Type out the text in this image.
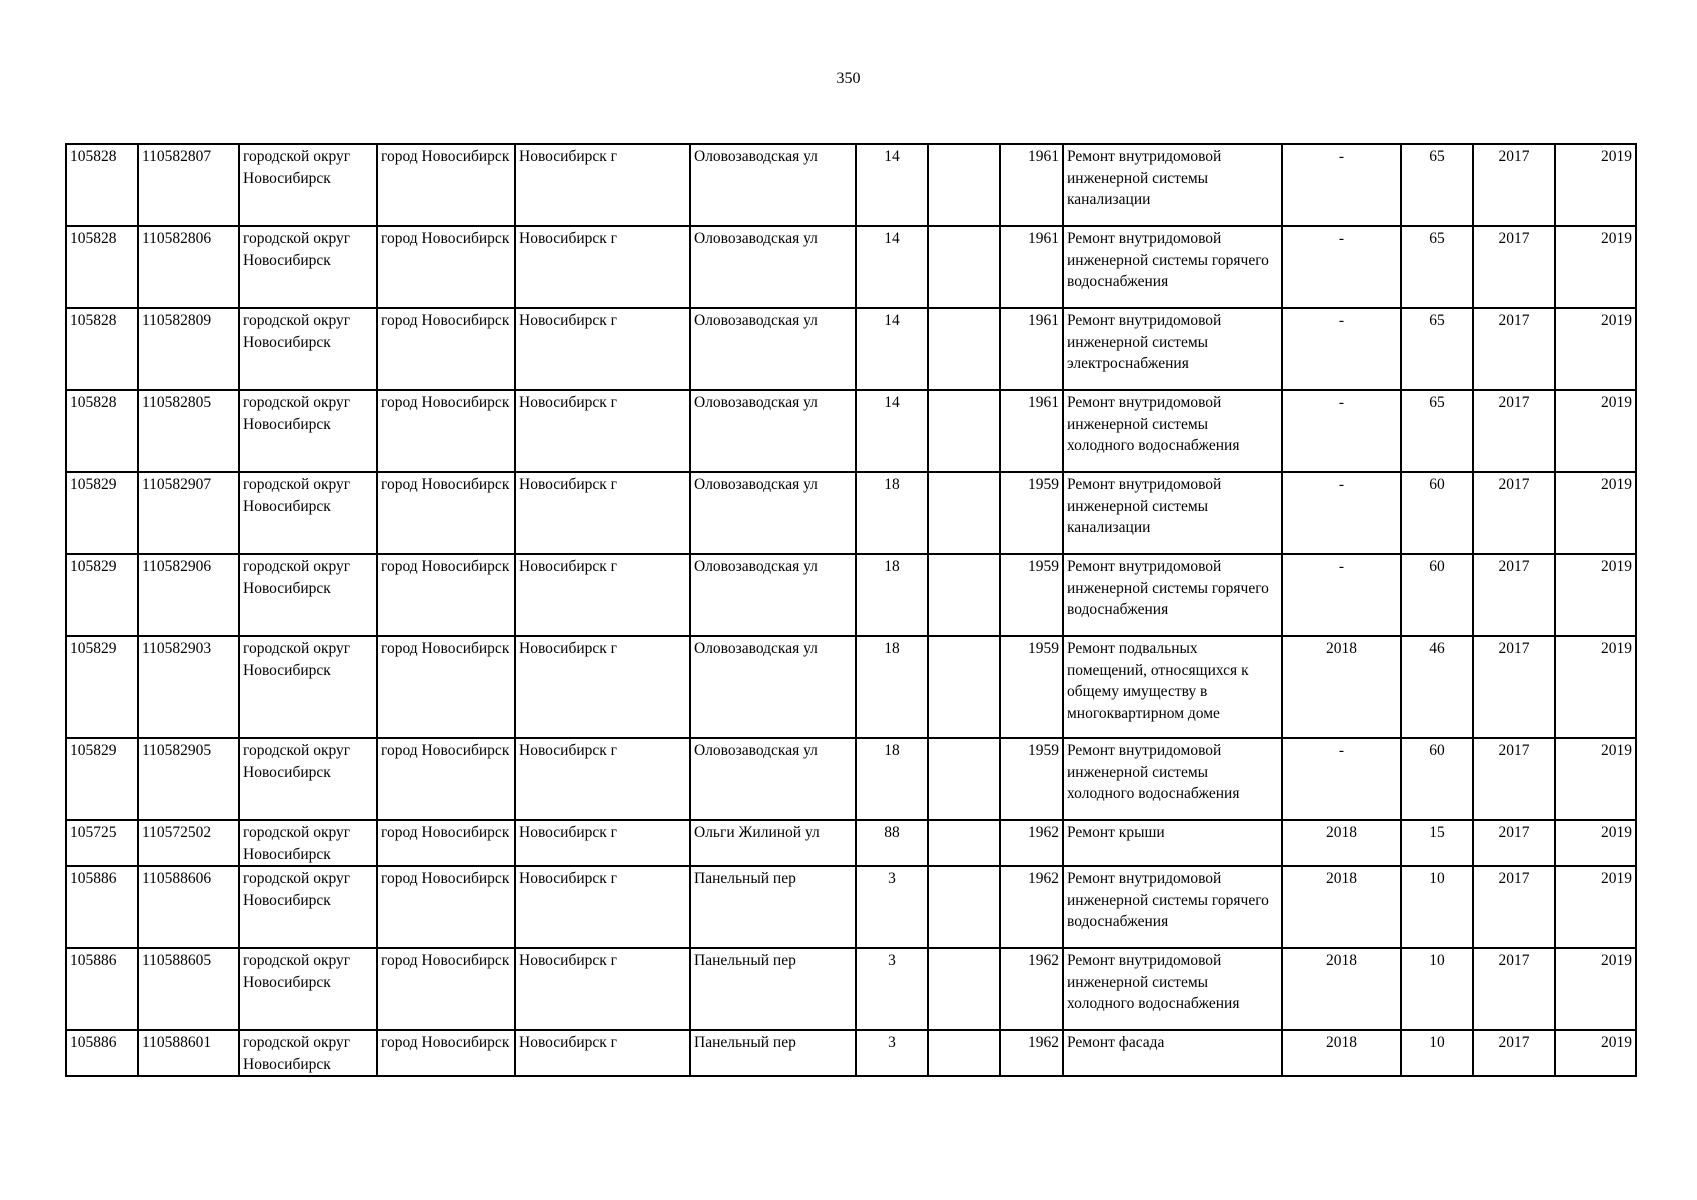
350
105828	110582807	городской округ Новосибирск	город Новосибирск	Новосибирск г	Оловозаводская ул	14		1961	Ремонт внутридомовой инженерной системы канализации	-	65	2017	2019
105828	110582806	городской округ Новосибирск	город Новосибирск	Новосибирск г	Оловозаводская ул	14		1961	Ремонт внутридомовой инженерной системы горячего водоснабжения	-	65	2017	2019
105828	110582809	городской округ Новосибирск	город Новосибирск	Новосибирск г	Оловозаводская ул	14		1961	Ремонт внутридомовой инженерной системы электроснабжения	-	65	2017	2019
105828	110582805	городской округ Новосибирск	город Новосибирск	Новосибирск г	Оловозаводская ул	14		1961	Ремонт внутридомовой инженерной системы холодного водоснабжения	-	65	2017	2019
105829	110582907	городской округ Новосибирск	город Новосибирск	Новосибирск г	Оловозаводская ул	18		1959	Ремонт внутридомовой инженерной системы канализации	-	60	2017	2019
105829	110582906	городской округ Новосибирск	город Новосибирск	Новосибирск г	Оловозаводская ул	18		1959	Ремонт внутридомовой инженерной системы горячего водоснабжения	-	60	2017	2019
105829	110582903	городской округ Новосибирск	город Новосибирск	Новосибирск г	Оловозаводская ул	18		1959	Ремонт подвальных помещений, относящихся к общему имуществу в многоквартирном доме	2018	46	2017	2019
105829	110582905	городской округ Новосибирск	город Новосибирск	Новосибирск г	Оловозаводская ул	18		1959	Ремонт внутридомовой инженерной системы холодного водоснабжения	-	60	2017	2019
105725	110572502	городской округ Новосибирск	город Новосибирск	Новосибирск г	Ольги Жилиной ул	88		1962	Ремонт крыши	2018	15	2017	2019
105886	110588606	городской округ Новосибирск	город Новосибирск	Новосибирск г	Панельный пер	3		1962	Ремонт внутридомовой инженерной системы горячего водоснабжения	2018	10	2017	2019
105886	110588605	городской округ Новосибирск	город Новосибирск	Новосибирск г	Панельный пер	3		1962	Ремонт внутридомовой инженерной системы холодного водоснабжения	2018	10	2017	2019
105886	110588601	городской округ Новосибирск	город Новосибирск	Новосибирск г	Панельный пер	3		1962	Ремонт фасада	2018	10	2017	2019
